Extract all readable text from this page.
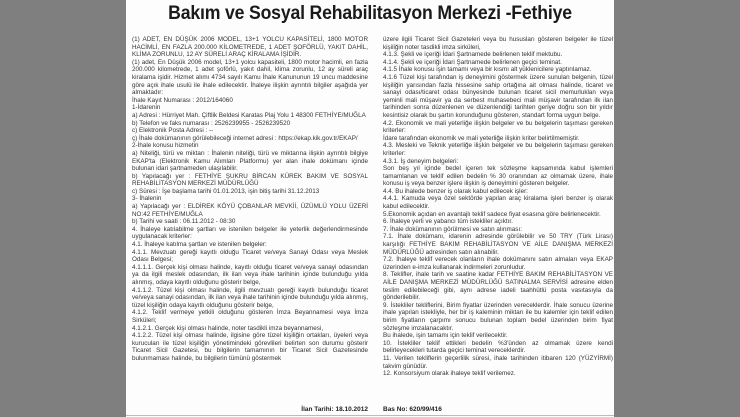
Bakım ve Sosyal Rehabilitasyon Merkezi -Fethiye

(1) ADET, EN DÜŞÜK 2006 MODEL, 13+1 YOLCU KAPASİTELİ, 1800 MOTOR HACİMLİ, EN FAZLA 200.000 KİLOMETREDE, 1 ADET ŞOFÖRLÜ, YAKIT DAHİL, KLİMA ZORUNLU, 12 AY SÜRELİ ARAÇ KİRALAMA İŞİDİR.

(1) adet, En Düşük 2006 model, 13+1 yolcu kapasiteli, 1800 motor hacimli, en fazla 200.000 kilometrede, 1 adet şoförlü, yakıt dahil, klima zorunlu, 12 ay süreli araç kiralama işidir. Hizmet alımı 4734 sayılı Kamu İhale Kanununun 19 uncu maddesine göre açık ihale usulü ile ihale edilecektir. İhaleye ilişkin ayrıntılı bilgiler aşağıda yer almaktadır:

İhale Kayıt Numarası : 2012/164060

1-İdarenin

a) Adresi : Hürriyet Mah. Çiftlik Beldesi Karatas Plaj Yolu 1 48300 FETHİYE/MUĞLA

b) Telefon ve faks numarası : 2526239955 - 2526239520

c) Elektronik Posta Adresi : --

ç) İhale dokümanının görülebileceği internet adresi : https://ekap.kik.gov.tr/EKAP/

2-İhale konusu hizmetin

a) Niteliği, türü ve miktarı : İhalenin niteliği, türü ve miktarına ilişkin ayrıntılı bilgiye EKAP'ta (Elektronik Kamu Alımları Platformu) yer alan ihale dokümanı içinde bulunan idari şartnameden ulaşılabilir.

b) Yapılacağı yer : FETHİYE ŞUKRU BİRCAN KÜREK BAKIM VE SOSYAL REHABİLİTASYON MERKEZİ MÜDÜRLÜĞÜ

c) Süresi : İşe başlama tarihi 01.01.2013, işin bitiş tarihi 31.12.2013

3- İhalenin

a) Yapılacağı yer : ELDİREK KÖYÜ ÇOBANLAR MEVKİİ, ÜZÜMLÜ YOLU ÜZERİ NO:42 FETHİYE/MUĞLA

b) Tarihi ve saati : 06.11.2012 - 08:30

4. İhaleye katılabilme şartları ve istenilen belgeler ile yeterlik değerlendirmesinde uygulanacak kriterler:

4.1. İhaleye katılma şartları ve istenilen belgeler:

4.1.1. Mevzuatı gereği kayıtlı olduğu Ticaret ve/veya Sanayi Odası veya Meslek Odası Belgesi;

4.1.1.1. Gerçek kişi olması halinde, kayıtlı olduğu ticaret ve/veya sanayi odasından ya da ilgili meslek odasından, ilk ilan veya ihale tarihinin içinde bulunduğu yılda alınmış, odaya kayıtlı olduğunu gösterir belge,

4.1.1.2. Tüzel kişi olması halinde, ilgili mevzuatı gereği kayıtlı bulunduğu ticaret ve/veya sanayi odasından, ilk ilan veya ihale tarihinin içinde bulunduğu yılda alınmış, tüzel kişiliğin odaya kayıtlı olduğunu gösterir belge,

4.1.2. Teklif vermeye yetkili olduğunu gösteren İmza Beyannamesi veya İmza Sirküleri;

4.1.2.1. Gerçek kişi olması halinde, noter tasdikli imza beyannamesi,

4.1.2.2. Tüzel kişi olması halinde, ilgisine göre tüzel kişiliğin ortakları, üyeleri veya kurucuları ile tüzel kişiliğin yönetimindeki görevlileri belirten son durumu gösterir Ticaret Sicil Gazetesi, bu bilgilerin tamamının bir Ticaret Sicil Gazetesinde bulunmaması halinde, bu bilgilerin tümünü göstermek

üzere ilgili Ticaret Sicil Gazeteleri veya bu hususları gösteren belgeler ile tüzel kişiliğin noter tasdikli imza sirküleri,

4.1.3. Şekli ve içeriği İdari Şartnamede belirlenen teklif mektubu.

4.1.4. Şekli ve içeriği İdari Şartnamede belirlenen geçici teminat.

4.1.5 İhale konusu işin tamamı veya bir kısmı alt yüklenicilere yaptırılamaz.

4.1.6 Tüzel kişi tarafından iş deneyimini göstermek üzere sunulan belgenin, tüzel kişiliğin yarısından fazla hissesine sahip ortağına ait olması halinde, ticaret ve sanayi odası/ticaret odası bünyesinde bulunan ticaret sicil memurluklan veya yeminli mali müşavir ya da serbest muhasebeci mali müşavir tarafından ilk ilan tarihinden sonra düzenlenen ve düzenlendiği tarihten geriye doğru son bir yıldır kesintisiz olarak bu şartın korunduğunu gösteren, standart forma uygun belge.

4.2. Ekonomik ve mali yeterliğe ilişkin belgeler ve bu belgelerin taşıması gereken kriterler:

İdare tarafından ekonomik ve mali yeterliğe ilişkin kriter belirtilmemiştir.

4.3. Mesleki ve Teknik yeterliğe ilişkin belgeler ve bu belgelerin taşıması gereken kriterler:

4.3.1. İş deneyim belgeleri:

Son beş yıl içinde bedel içeren tek sözleşme kapsamında kabul işlemleri tamamlanan ve teklif edilen bedelin % 30 oranından az olmamak üzere, ihale konusu iş veya benzer işlere ilişkin iş deneyimini gösteren belgeler.

4.4. Bu ihalede benzer iş olarak kabul edilecek işler:

4.4.1. Kamuda veya özel sektörde yapılan araç kiralama işleri benzer iş olarak kabul edilecektir.

5.Ekonomik açıdan en avantajlı teklif sadece fiyat esasına göre belirlenecektir.

6. İhaleye yerli ve yabancı tüm istekliler açıktır.

7. İhale dokümanının görülmesi ve satın alınması:

7.1. İhale dokümanı, idarenin adresinde görülebilir ve 50 TRY (Türk Lirası) karşılığı FETHİYE BAKIM REHABİLİTASYON VE AİLE DANIŞMA MERKEZİ MÜDÜRLÜĞÜ adresinden satın alınabilir.

7.2. İhaleye teklif verecek olanların ihale dokümanını satın almaları veya EKAP üzerinden e-imza kullanarak indirmeleri zorunludur.

8. Teklifler, ihale tarih ve saatine kadar FETHİYE BAKIM REHABİLİTASYON VE AİLE DANIŞMA MERKEZİ MÜDÜRLÜĞÜ SATINALMA SERVİSİ adresine elden teslim edilebileceği gibi, aynı adrese iadeli taahhütlü posta vasıtasıyla da gönderilebilir.

9. İstekliler tekliflerini, Birim fiyatlar üzerinden vereceklerdir. İhale sonucu üzerine ihale yapılan istekliyle, her bir iş kaleminin miktarı ile bu kalemler için teklif edilen birim fiyatların çarpımı sonucu bulunan toplam bedel üzerinden birim fiyat sözleşme imzalanacaktır.

Bu ihalede, işin tamamı için teklif verilecektir.

10. İstekliler teklif ettikleri bedelin %3'ünden az olmamak üzere kendi belirleyecekleri tutarda geçici teminat vereceklerdir.

11. Verilen tekliflerin geçerlilik süresi, ihale tarihinden itibaren 120 (YÜZYİRMİ) takvim günüdür.

12. Konsorsiyum olarak ihaleye teklif verilemez.

İlan Tarihi: 18.10.2012 Bas No: 620/99/416
